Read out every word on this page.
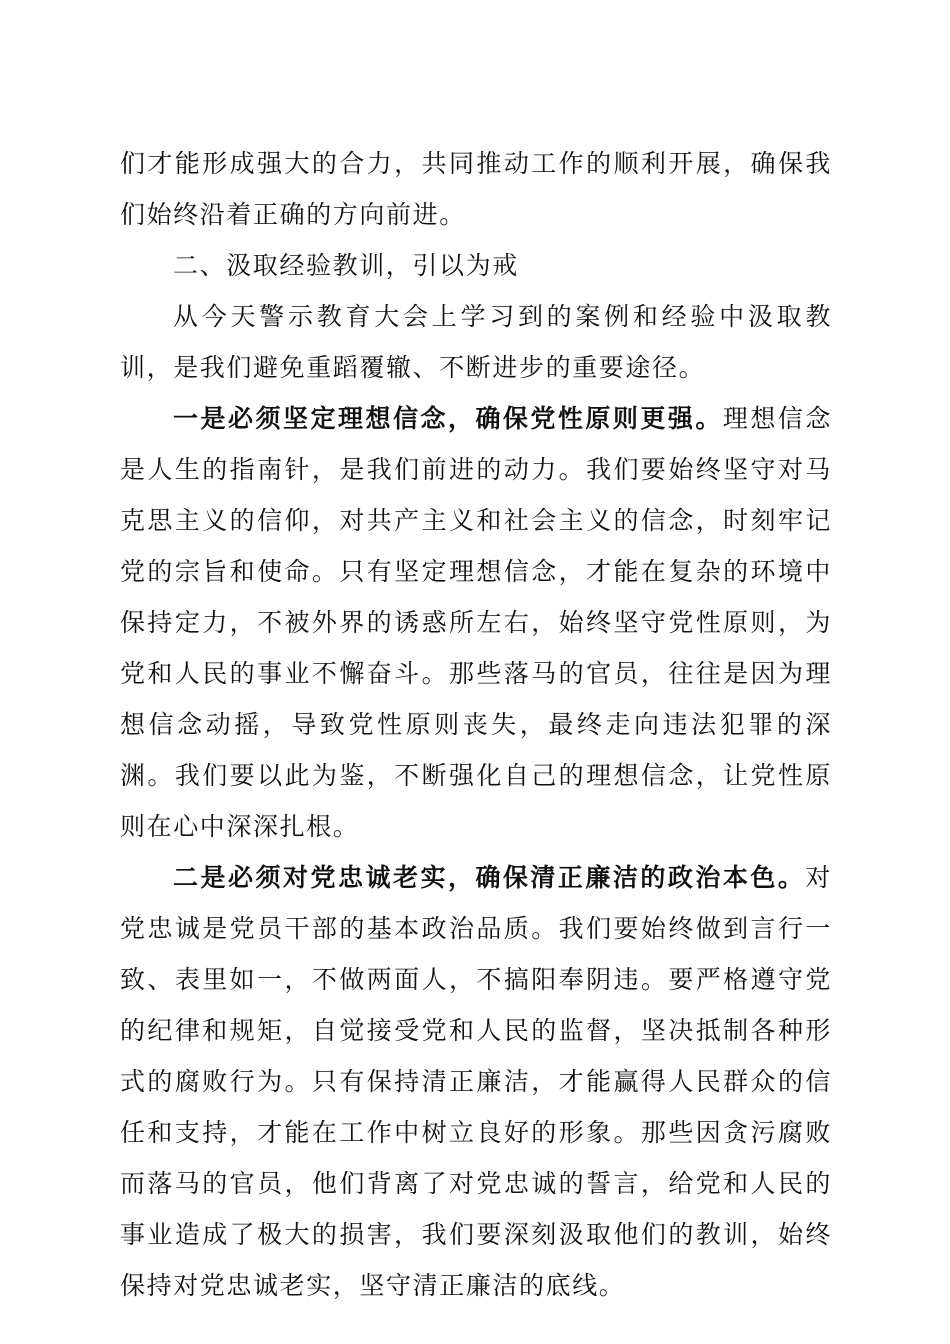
们才能形成强大的合力，共同推动工作的顺利开展，确保我们始终沿着正确的方向前进。

二、汲取经验教训，引以为戒

从今天警示教育大会上学习到的案例和经验中汲取教训，是我们避免重蹈覆辙、不断进步的重要途径。

一是必须坚定理想信念，确保党性原则更强。理想信念是人生的指南针，是我们前进的动力。我们要始终坚守对马克思主义的信仰，对共产主义和社会主义的信念，时刻牢记党的宗旨和使命。只有坚定理想信念，才能在复杂的环境中保持定力，不被外界的诱惑所左右，始终坚守党性原则，为党和人民的事业不懈奋斗。那些落马的官员，往往是因为理想信念动摇，导致党性原则丧失，最终走向违法犯罪的深渊。我们要以此为鉴，不断强化自己的理想信念，让党性原则在心中深深扎根。

二是必须对党忠诚老实，确保清正廉洁的政治本色。对党忠诚是党员干部的基本政治品质。我们要始终做到言行一致、表里如一，不做两面人，不搞阳奉阴违。要严格遵守党的纪律和规矩，自觉接受党和人民的监督，坚决抵制各种形式的腐败行为。只有保持清正廉洁，才能赢得人民群众的信任和支持，才能在工作中树立良好的形象。那些因贪污腐败而落马的官员，他们背离了对党忠诚的誓言，给党和人民的事业造成了极大的损害，我们要深刻汲取他们的教训，始终保持对党忠诚老实，坚守清正廉洁的底线。
